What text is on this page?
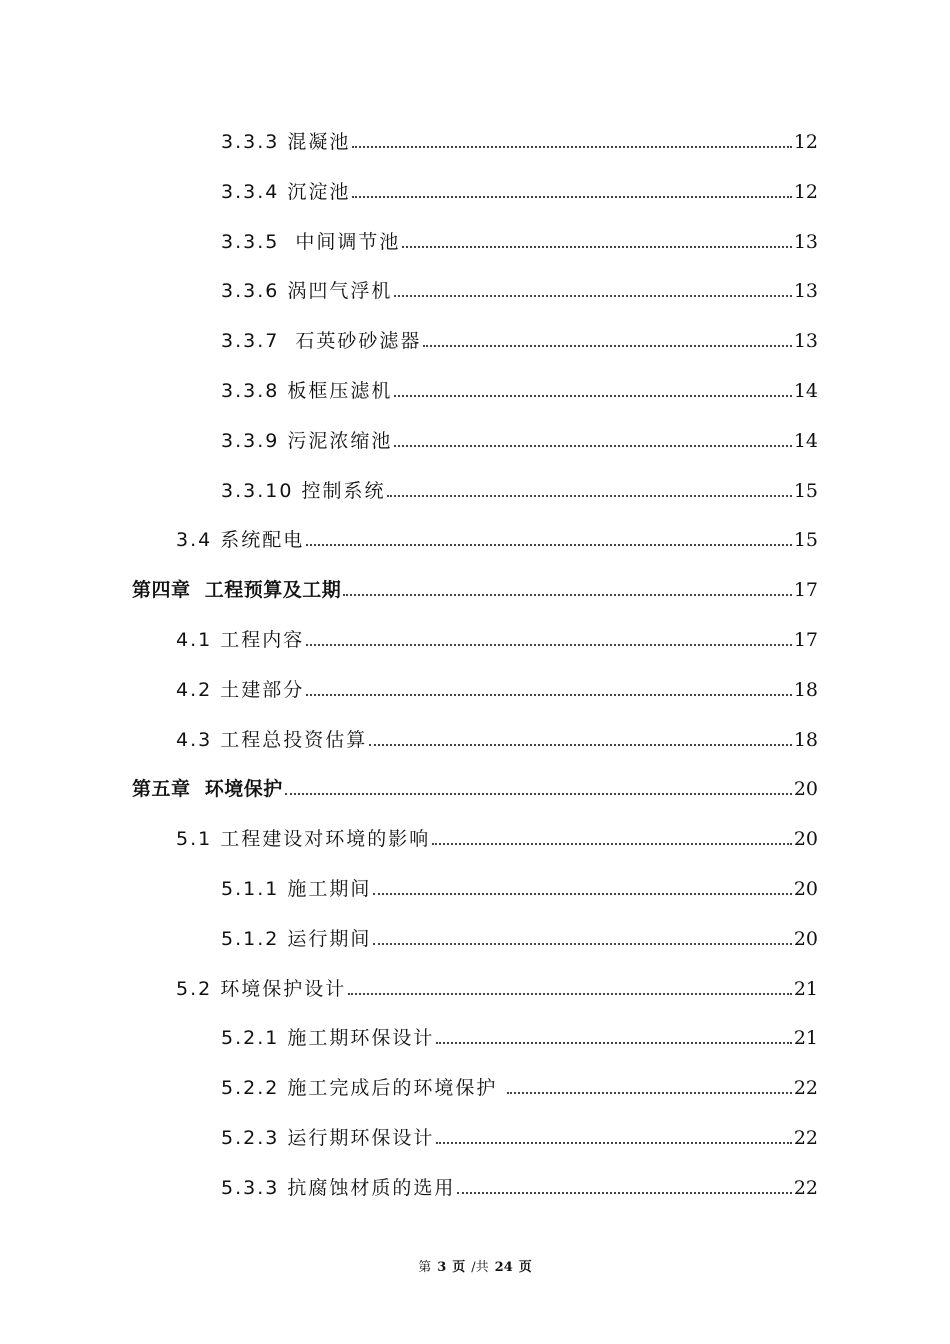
3.3.3 混凝池	12
3.3.4 沉淀池	12
3.3.5  中间调节池	13
3.3.6 涡凹气浮机	13
3.3.7  石英砂砂滤器	13
3.3.8 板框压滤机	14
3.3.9 污泥浓缩池	14
3.3.10 控制系统	15
3.4 系统配电	15
第四章  工程预算及工期	17
4.1 工程内容	17
4.2 土建部分	18
4.3 工程总投资估算	18
第五章  环境保护	20
5.1 工程建设对环境的影响	20
5.1.1 施工期间	20
5.1.2 运行期间	20
5.2 环境保护设计	21
5.2.1 施工期环保设计	21
5.2.2 施工完成后的环境保护	22
5.2.3 运行期环保设计	22
5.3.3 抗腐蚀材质的选用	22
第 3 页 /共 24 页
